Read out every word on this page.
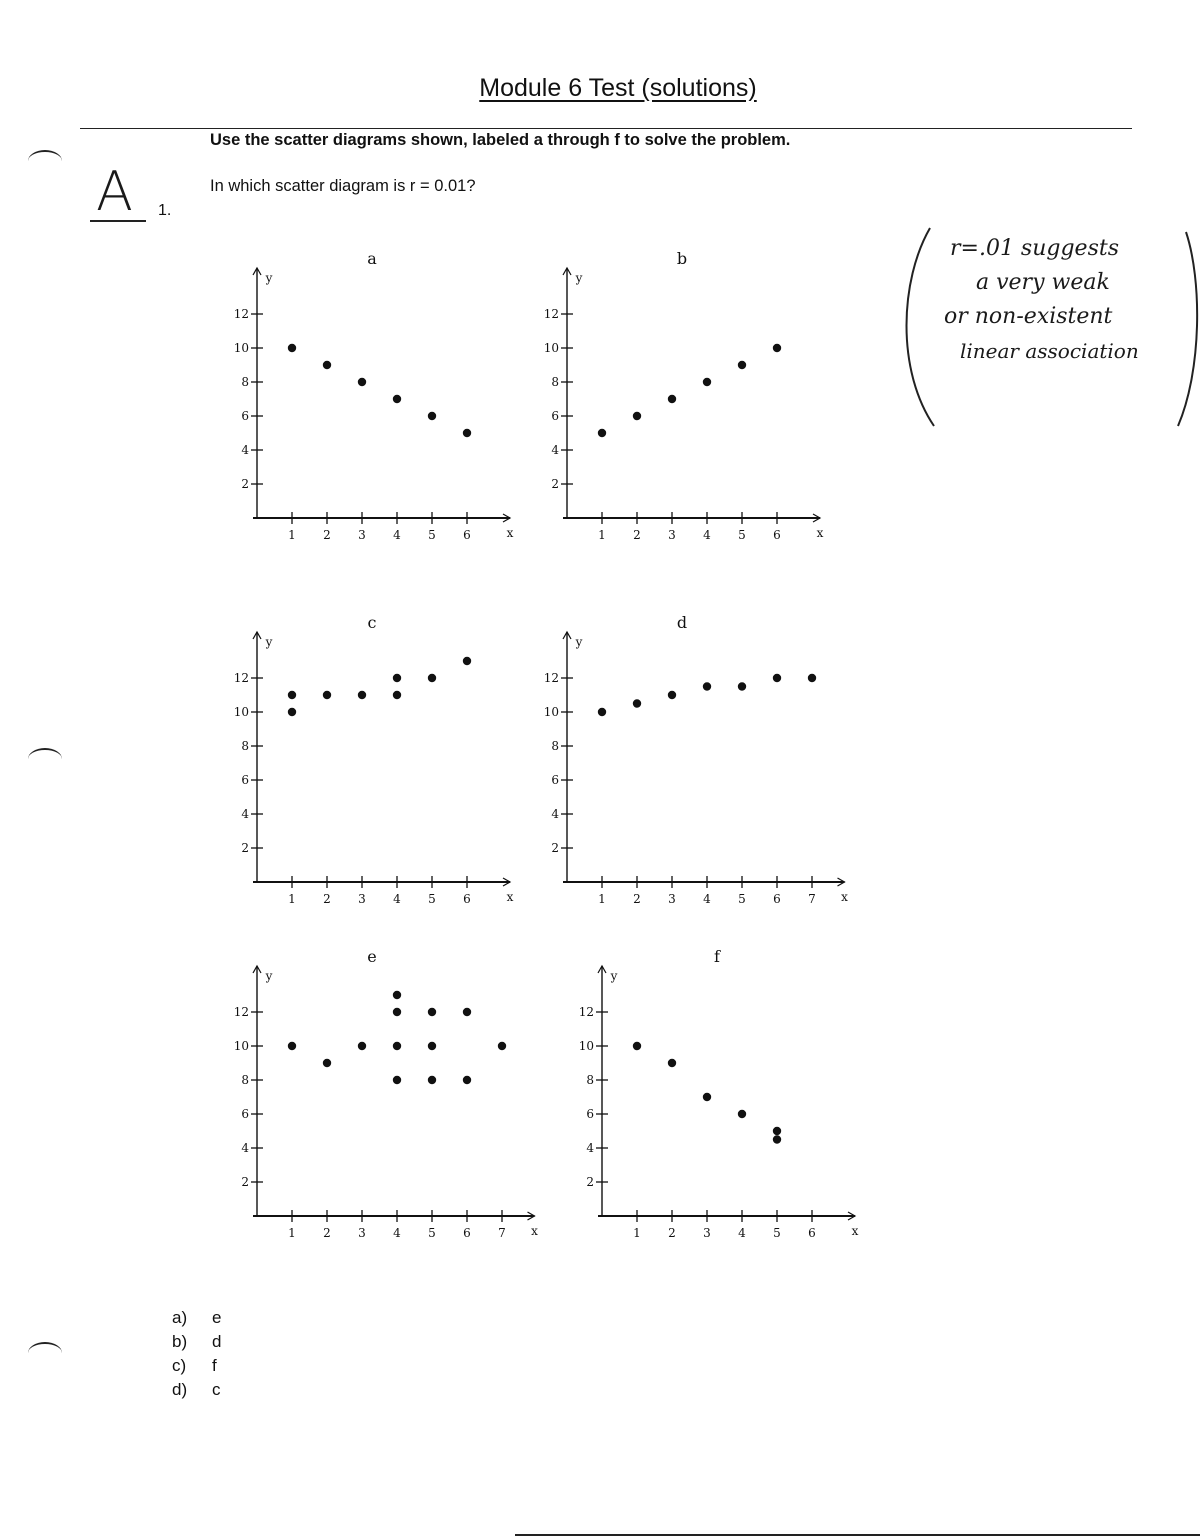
Module 6 Test (solutions)
Use the scatter diagrams shown, labeled a through f to solve the problem.
A 1.
In which scatter diagram is r = 0.01?
r=.01 suggests
a very weak
or non-existent
linear association
a
x
y
1 2 3 4 5 6
2
4
6
8
10
12
b
x
y
1 2 3 4 5 6
2
4
6
8
10
12
c
x
y
1 2 3 4 5 6
2
4
6
8
10
12
d
x
y
1 2 3 4 5 6 7
2
4
6
8
10
12
e
x
y
1 2 3 4 5 6 7
2
4
6
8
10
12
f
x
y
1 2 3 4 5 6
2
4
6
8
10
12
a)	e
b)	d
c)	f
d)	c
